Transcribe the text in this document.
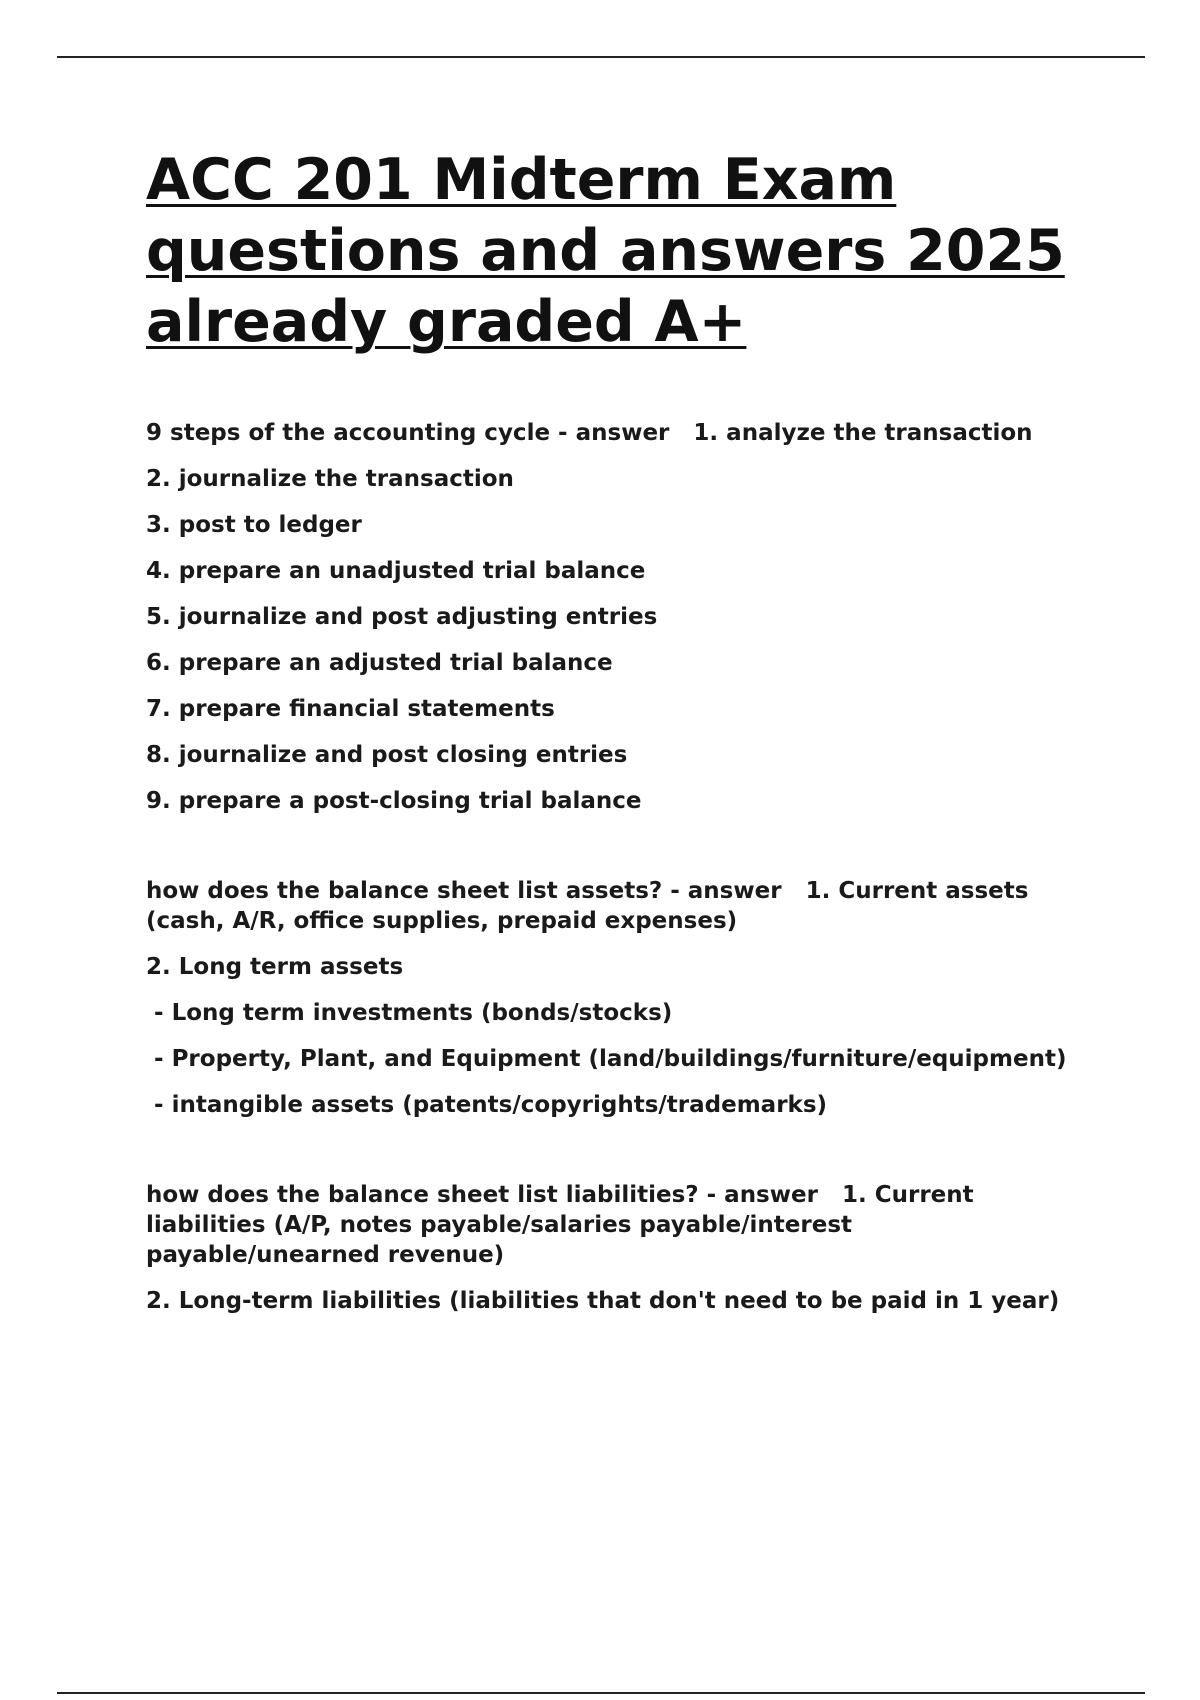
ACC 201 Midterm Exam
questions and answers 2025
already graded A+
9 steps of the accounting cycle - answer 1. analyze the transaction
2. journalize the transaction
3. post to ledger
4. prepare an unadjusted trial balance
5. journalize and post adjusting entries
6. prepare an adjusted trial balance
7. prepare financial statements
8. journalize and post closing entries
9. prepare a post-closing trial balance
how does the balance sheet list assets? - answer 1. Current assets (cash, A/R, office supplies, prepaid expenses)
2. Long term assets
- Long term investments (bonds/stocks)
- Property, Plant, and Equipment (land/buildings/furniture/equipment)
- intangible assets (patents/copyrights/trademarks)
how does the balance sheet list liabilities? - answer 1. Current liabilities (A/P, notes payable/salaries payable/interest payable/unearned revenue)
2. Long-term liabilities (liabilities that don't need to be paid in 1 year)
